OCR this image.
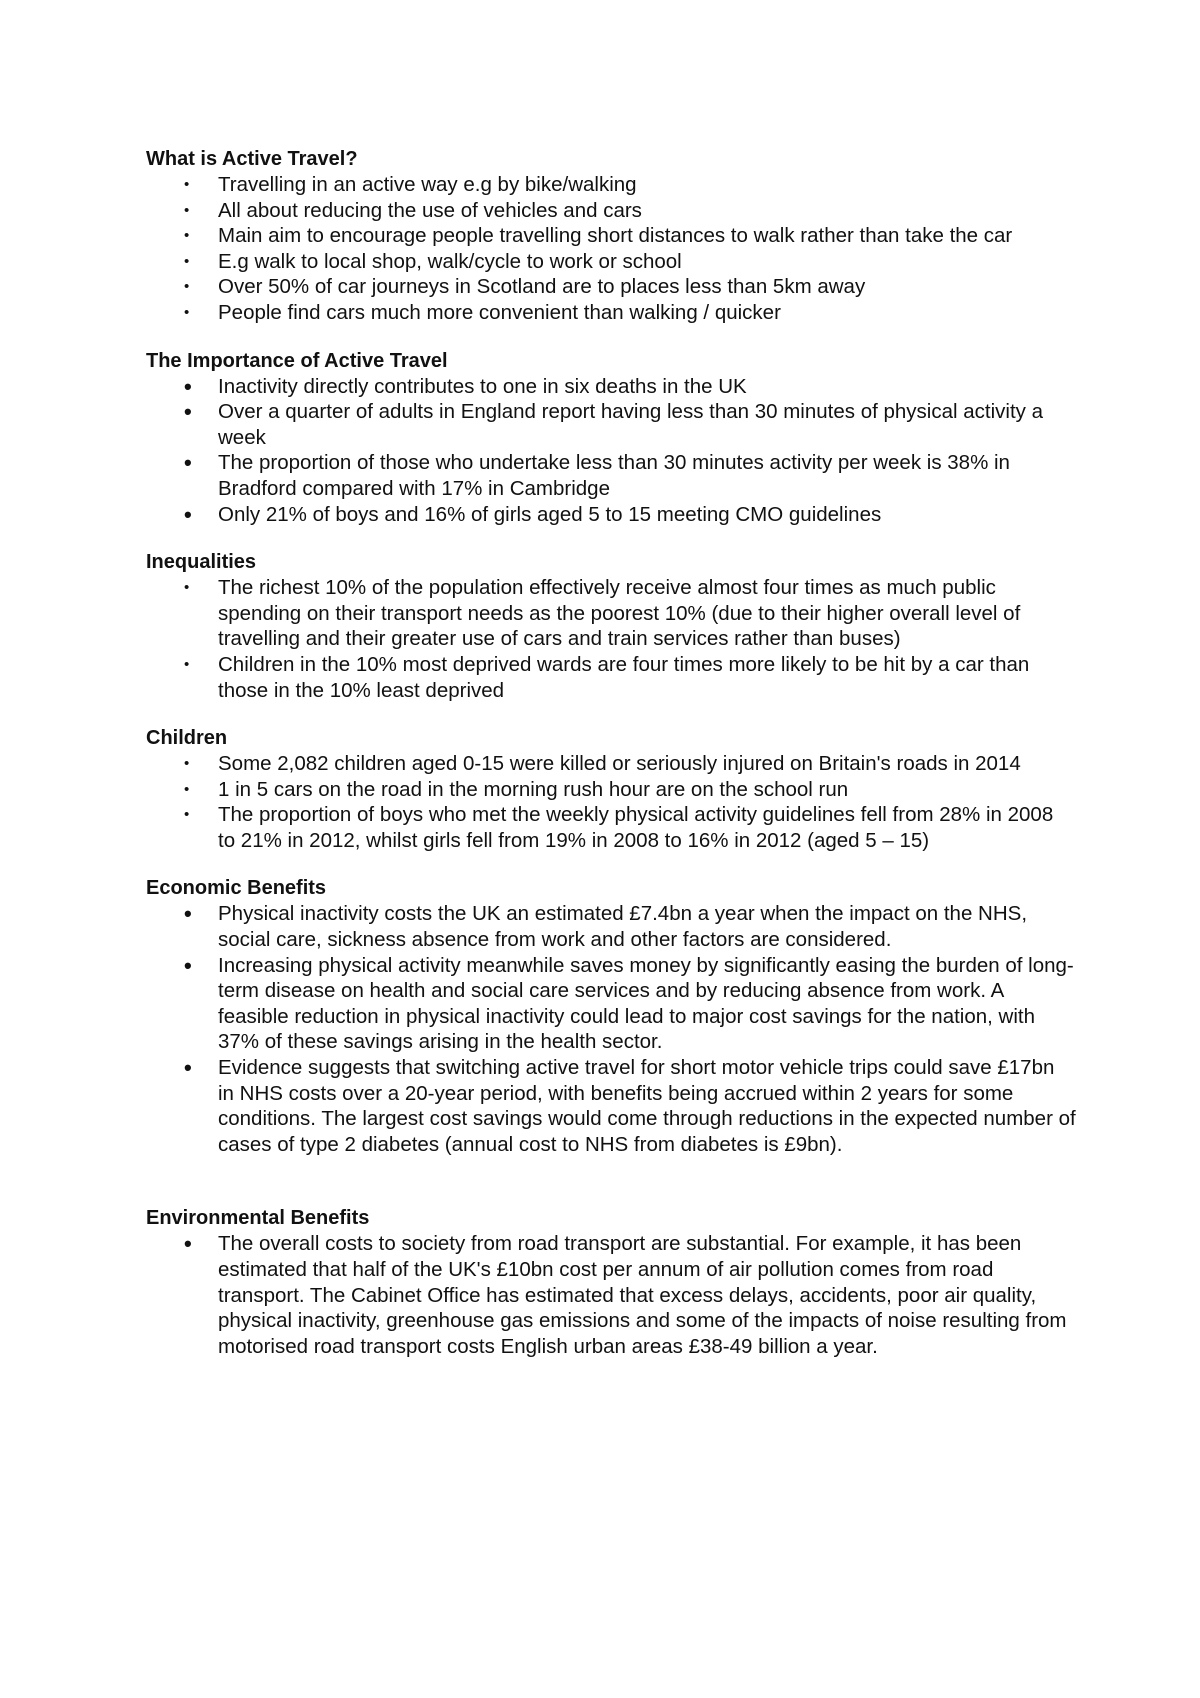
What is Active Travel?

•	Travelling in an active way e.g by bike/walking
•	All about reducing the use of vehicles and cars
•	Main aim to encourage people travelling short distances to walk rather than take the car
•	E.g walk to local shop, walk/cycle to work or school
•	Over 50% of car journeys in Scotland are to places less than 5km away
•	People find cars much more convenient than walking / quicker

The Importance of Active Travel

•	Inactivity directly contributes to one in six deaths in the UK
•	Over a quarter of adults in England report having less than 30 minutes of physical activity a week
•	The proportion of those who undertake less than 30 minutes activity per week is 38% in Bradford compared with 17% in Cambridge
•	Only 21% of boys and 16% of girls aged 5 to 15 meeting CMO guidelines

Inequalities

•	The richest 10% of the population effectively receive almost four times as much public spending on their transport needs as the poorest 10% (due to their higher overall level of travelling and their greater use of cars and train services rather than buses)
•	Children in the 10% most deprived wards are four times more likely to be hit by a car than those in the 10% least deprived

Children

•	Some 2,082 children aged 0-15 were killed or seriously injured on Britain's roads in 2014
•	1 in 5 cars on the road in the morning rush hour are on the school run
•	The proportion of boys who met the weekly physical activity guidelines fell from 28% in 2008 to 21% in 2012, whilst girls fell from 19% in 2008 to 16% in 2012 (aged 5 – 15)

Economic Benefits

•	Physical inactivity costs the UK an estimated £7.4bn a year when the impact on the NHS, social care, sickness absence from work and other factors are considered.
•	Increasing physical activity meanwhile saves money by significantly easing the burden of long-term disease on health and social care services and by reducing absence from work. A feasible reduction in physical inactivity could lead to major cost savings for the nation, with 37% of these savings arising in the health sector.
•	Evidence suggests that switching active travel for short motor vehicle trips could save £17bn in NHS costs over a 20-year period, with benefits being accrued within 2 years for some conditions. The largest cost savings would come through reductions in the expected number of cases of type 2 diabetes (annual cost to NHS from diabetes is £9bn).

Environmental Benefits

•	The overall costs to society from road transport are substantial. For example, it has been estimated that half of the UK's £10bn cost per annum of air pollution comes from road transport. The Cabinet Office has estimated that excess delays, accidents, poor air quality, physical inactivity, greenhouse gas emissions and some of the impacts of noise resulting from motorised road transport costs English urban areas £38-49 billion a year.
